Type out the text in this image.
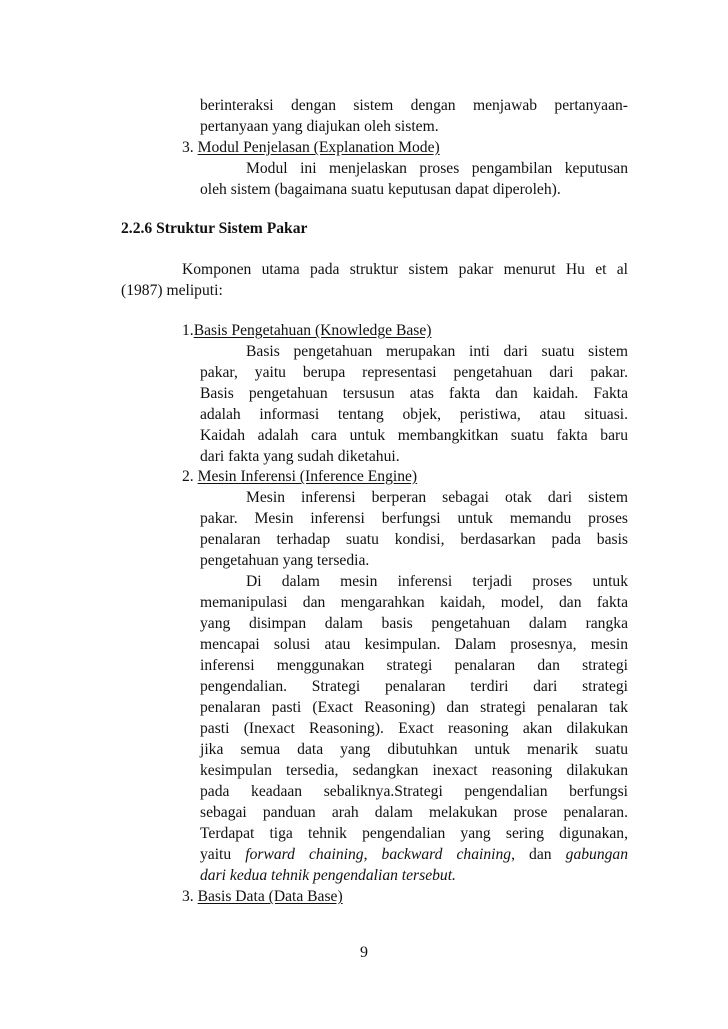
berinteraksi dengan sistem dengan menjawab pertanyaan-
pertanyaan yang diajukan oleh sistem.
3. Modul Penjelasan (Explanation Mode)
Modul ini menjelaskan proses pengambilan keputusan
oleh sistem (bagaimana suatu keputusan dapat diperoleh).
2.2.6 Struktur Sistem Pakar
Komponen utama pada struktur sistem pakar menurut Hu et al
(1987) meliputi:
1.Basis Pengetahuan (Knowledge Base)
Basis pengetahuan merupakan inti dari suatu sistem
pakar, yaitu berupa representasi pengetahuan dari pakar.
Basis pengetahuan tersusun atas fakta dan kaidah. Fakta
adalah informasi tentang objek, peristiwa, atau situasi.
Kaidah adalah cara untuk membangkitkan suatu fakta baru
dari fakta yang sudah diketahui.
2. Mesin Inferensi (Inference Engine)
Mesin inferensi berperan sebagai otak dari sistem
pakar. Mesin inferensi berfungsi untuk memandu proses
penalaran terhadap suatu kondisi, berdasarkan pada basis
pengetahuan yang tersedia.
Di dalam mesin inferensi terjadi proses untuk
memanipulasi dan mengarahkan kaidah, model, dan fakta
yang disimpan dalam basis pengetahuan dalam rangka
mencapai solusi atau kesimpulan. Dalam prosesnya, mesin
inferensi menggunakan strategi penalaran dan strategi
pengendalian. Strategi penalaran terdiri dari strategi
penalaran pasti (Exact Reasoning) dan strategi penalaran tak
pasti (Inexact Reasoning). Exact reasoning akan dilakukan
jika semua data yang dibutuhkan untuk menarik suatu
kesimpulan tersedia, sedangkan inexact reasoning dilakukan
pada keadaan sebaliknya.Strategi pengendalian berfungsi
sebagai panduan arah dalam melakukan prose penalaran.
Terdapat tiga tehnik pengendalian yang sering digunakan,
yaitu forward chaining, backward chaining, dan gabungan
dari kedua tehnik pengendalian tersebut.
3. Basis Data (Data Base)
9
